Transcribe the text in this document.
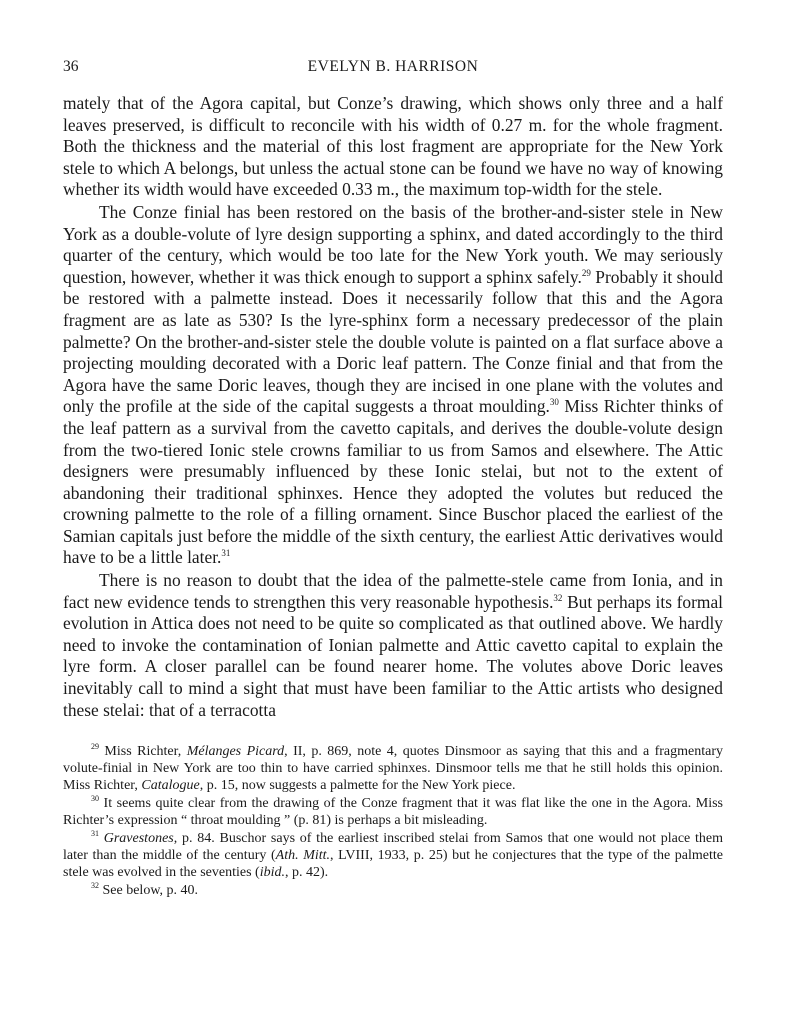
36	EVELYN B. HARRISON

mately that of the Agora capital, but Conze’s drawing, which shows only three and a half leaves preserved, is difficult to reconcile with his width of 0.27 m. for the whole fragment. Both the thickness and the material of this lost fragment are appropriate for the New York stele to which A belongs, but unless the actual stone can be found we have no way of knowing whether its width would have exceeded 0.33 m., the maximum top-width for the stele.

The Conze finial has been restored on the basis of the brother-and-sister stele in New York as a double-volute of lyre design supporting a sphinx, and dated accordingly to the third quarter of the century, which would be too late for the New York youth. We may seriously question, however, whether it was thick enough to support a sphinx safely.$^{29}$ Probably it should be restored with a palmette instead. Does it necessarily follow that this and the Agora fragment are as late as 530? Is the lyre-sphinx form a necessary predecessor of the plain palmette? On the brother-and-sister stele the double volute is painted on a flat surface above a projecting moulding decorated with a Doric leaf pattern. The Conze finial and that from the Agora have the same Doric leaves, though they are incised in one plane with the volutes and only the profile at the side of the capital suggests a throat moulding.$^{30}$ Miss Richter thinks of the leaf pattern as a survival from the cavetto capitals, and derives the double-volute design from the two-tiered Ionic stele crowns familiar to us from Samos and elsewhere. The Attic designers were presumably influenced by these Ionic stelai, but not to the extent of abandoning their traditional sphinxes. Hence they adopted the volutes but reduced the crowning palmette to the role of a filling ornament. Since Buschor placed the earliest of the Samian capitals just before the middle of the sixth century, the earliest Attic derivatives would have to be a little later.$^{31}$

There is no reason to doubt that the idea of the palmette-stele came from Ionia, and in fact new evidence tends to strengthen this very reasonable hypothesis.$^{32}$ But perhaps its formal evolution in Attica does not need to be quite so complicated as that outlined above. We hardly need to invoke the contamination of Ionian palmette and Attic cavetto capital to explain the lyre form. A closer parallel can be found nearer home. The volutes above Doric leaves inevitably call to mind a sight that must have been familiar to the Attic artists who designed these stelai: that of a terracotta

$^{29}$ Miss Richter, Mélanges Picard, II, p. 869, note 4, quotes Dinsmoor as saying that this and a fragmentary volute-finial in New York are too thin to have carried sphinxes. Dinsmoor tells me that he still holds this opinion. Miss Richter, Catalogue, p. 15, now suggests a palmette for the New York piece.

$^{30}$ It seems quite clear from the drawing of the Conze fragment that it was flat like the one in the Agora. Miss Richter’s expression “ throat moulding ” (p. 81) is perhaps a bit misleading.

$^{31}$ Gravestones, p. 84. Buschor says of the earliest inscribed stelai from Samos that one would not place them later than the middle of the century (Ath. Mitt., LVIII, 1933, p. 25) but he conjectures that the type of the palmette stele was evolved in the seventies (ibid., p. 42).

$^{32}$ See below, p. 40.
